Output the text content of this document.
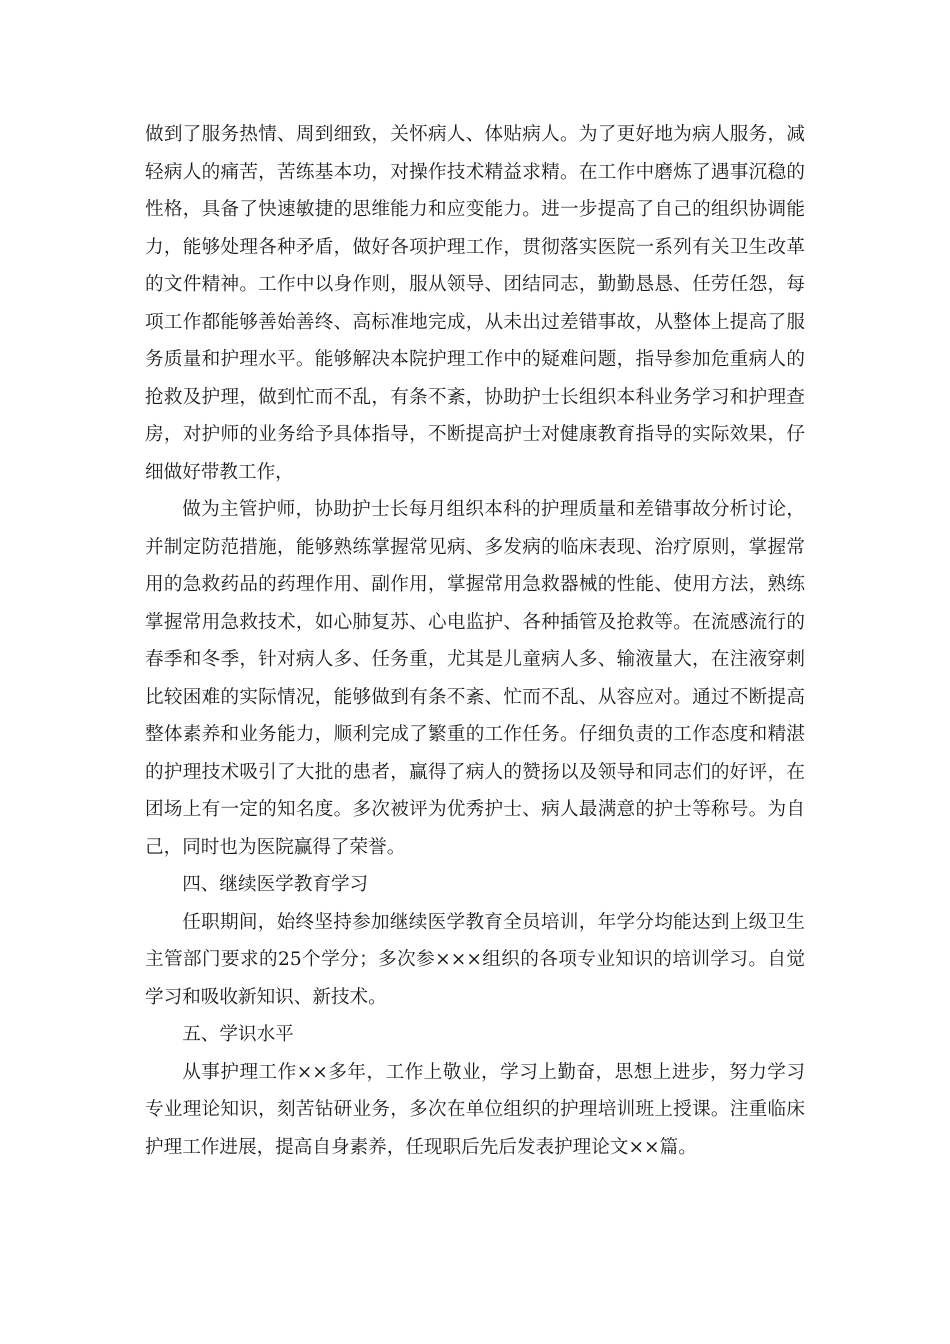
做到了服务热情、周到细致，关怀病人、体贴病人。为了更好地为病人服务，减轻病人的痛苦，苦练基本功，对操作技术精益求精。在工作中磨炼了遇事沉稳的性格，具备了快速敏捷的思维能力和应变能力。进一步提高了自己的组织协调能力，能够处理各种矛盾，做好各项护理工作，贯彻落实医院一系列有关卫生改革的文件精神。工作中以身作则，服从领导、团结同志，勤勤恳恳、任劳任怨，每项工作都能够善始善终、高标准地完成，从未出过差错事故，从整体上提高了服务质量和护理水平。能够解决本院护理工作中的疑难问题，指导参加危重病人的抢救及护理，做到忙而不乱，有条不紊，协助护士长组织本科业务学习和护理查房，对护师的业务给予具体指导，不断提高护士对健康教育指导的实际效果，仔细做好带教工作，

做为主管护师，协助护士长每月组织本科的护理质量和差错事故分析讨论，并制定防范措施，能够熟练掌握常见病、多发病的临床表现、治疗原则，掌握常用的急救药品的药理作用、副作用，掌握常用急救器械的性能、使用方法，熟练掌握常用急救技术，如心肺复苏、心电监护、各种插管及抢救等。在流感流行的春季和冬季，针对病人多、任务重，尤其是儿童病人多、输液量大，在注液穿刺比较困难的实际情况，能够做到有条不紊、忙而不乱、从容应对。通过不断提高整体素养和业务能力，顺利完成了繁重的工作任务。仔细负责的工作态度和精湛的护理技术吸引了大批的患者，赢得了病人的赞扬以及领导和同志们的好评，在团场上有一定的知名度。多次被评为优秀护士、病人最满意的护士等称号。为自己，同时也为医院赢得了荣誉。

四、继续医学教育学习

任职期间，始终坚持参加继续医学教育全员培训，年学分均能达到上级卫生主管部门要求的25个学分；多次参×××组织的各项专业知识的培训学习。自觉学习和吸收新知识、新技术。

五、学识水平

从事护理工作××多年，工作上敬业，学习上勤奋，思想上进步，努力学习专业理论知识，刻苦钻研业务，多次在单位组织的护理培训班上授课。注重临床护理工作进展，提高自身素养，任现职后先后发表护理论文××篇。
